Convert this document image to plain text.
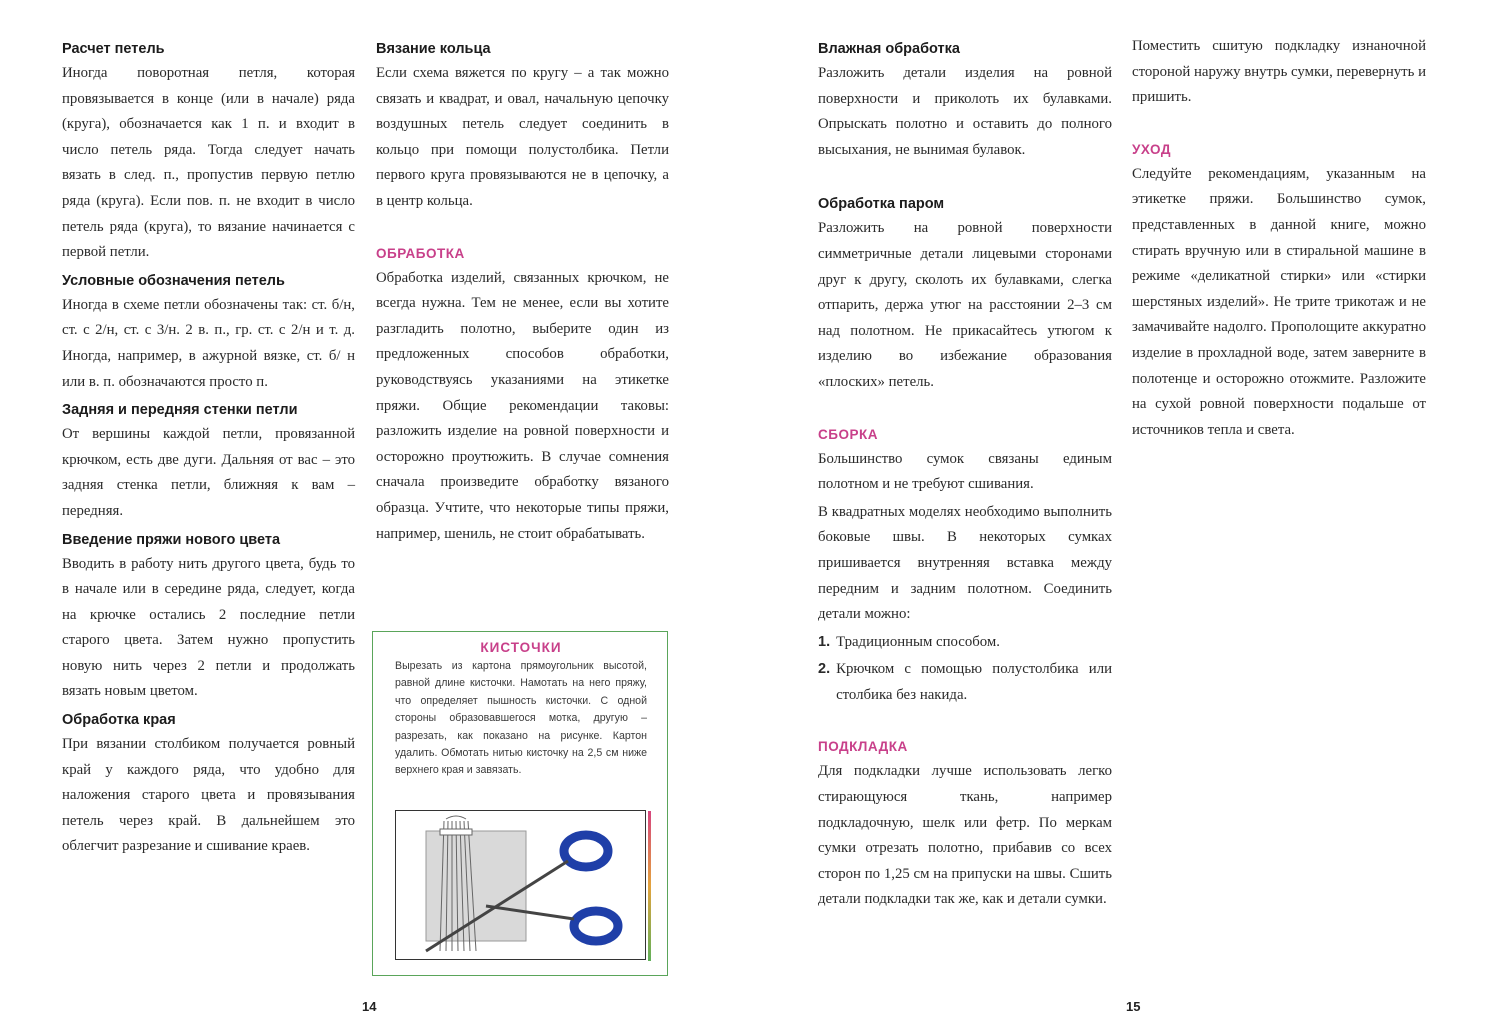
Расчет петель

Иногда поворотная петля, которая провязывается в конце (или в начале) ряда (круга), обозначается как 1 п. и входит в число петель ряда. Тогда следует начать вязать в след. п., пропустив первую петлю ряда (круга). Если пов. п. не входит в число петель ряда (круга), то вязание начинается с первой петли.

Условные обозначения петель

Иногда в схеме петли обозначены так: ст. б/н, ст. с 2/н, ст. с 3/н. 2 в. п., гр. ст. с 2/н и т. д. Иногда, например, в ажурной вязке, ст. б/ н или в. п. обозначаются просто п.

Задняя и передняя стенки петли

От вершины каждой петли, провязанной крючком, есть две дуги. Дальняя от вас – это задняя стенка петли, ближняя к вам – передняя.

Введение пряжи нового цвета

Вводить в работу нить другого цвета, будь то в начале или в середине ряда, следует, когда на крючке остались 2 последние петли старого цвета. Затем нужно пропустить новую нить через 2 петли и продолжать вязать новым цветом.

Обработка края

При вязании столбиком получается ровный край у каждого ряда, что удобно для наложения старого цвета и провязывания петель через край. В дальнейшем это облегчит разрезание и сшивание краев.

Вязание кольца

Если схема вяжется по кругу – а так можно связать и квадрат, и овал, начальную цепочку воздушных петель следует соединить в кольцо при помощи полустолбика. Петли первого круга провязываются не в цепочку, а в центр кольца.

ОБРАБОТКА

Обработка изделий, связанных крючком, не всегда нужна. Тем не менее, если вы хотите разгладить полотно, выберите один из предложенных способов обработки, руководствуясь указаниями на этикетке пряжи. Общие рекомендации таковы: разложить изделие на ровной поверхности и осторожно проутюжить. В случае сомнения сначала произведите обработку вязаного образца. Учтите, что некоторые типы пряжи, например, шениль, не стоит обрабатывать.

КИСТОЧКИ
Вырезать из картона прямоугольник высотой, равной длине кисточки. Намотать на него пряжу, что определяет пышность кисточки. С одной стороны образовавшегося мотка, другую – разрезать, как показано на рисунке. Картон удалить. Обмотать нитью кисточку на 2,5 см ниже верхнего края и завязать.
14
Влажная обработка

Разложить детали изделия на ровной поверхности и приколоть их булавками. Опрыскать полотно и оставить до полного высыхания, не вынимая булавок.

Обработка паром

Разложить на ровной поверхности симметричные детали лицевыми сторонами друг к другу, сколоть их булавками, слегка отпарить, держа утюг на расстоянии 2–3 см над полотном. Не прикасайтесь утюгом к изделию во избежание образования «плоских» петель.

СБОРКА

Большинство сумок связаны единым полотном и не требуют сшивания.

В квадратных моделях необходимо выполнить боковые швы. В некоторых сумках пришивается внутренняя вставка между передним и задним полотном. Соединить детали можно:

1. Традиционным способом.

2. Крючком с помощью полустолбика или столбика без накида.

ПОДКЛАДКА

Для подкладки лучше использовать легко стирающуюся ткань, например подкладочную, шелк или фетр. По меркам сумки отрезать полотно, прибавив со всех сторон по 1,25 см на припуски на швы. Сшить детали подкладки так же, как и детали сумки.

Поместить сшитую подкладку изнаночной стороной наружу внутрь сумки, перевернуть и пришить.

УХОД

Следуйте рекомендациям, указанным на этикетке пряжи. Большинство сумок, представленных в данной книге, можно стирать вручную или в стиральной машине в режиме «деликатной стирки» или «стирки шерстяных изделий». Не трите трикотаж и не замачивайте надолго. Прополощите аккуратно изделие в прохладной воде, затем заверните в полотенце и осторожно отожмите. Разложите на сухой ровной поверхности подальше от источников тепла и света.

15
